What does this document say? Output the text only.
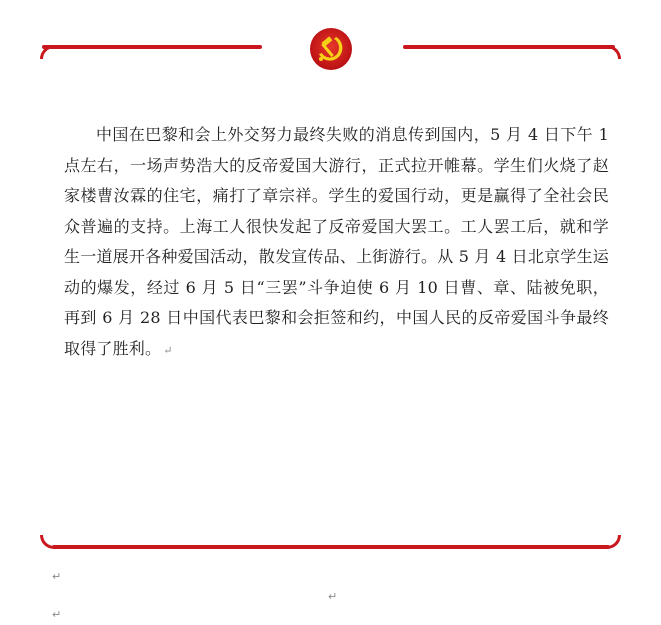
中国在巴黎和会上外交努力最终失败的消息传到国内，5 月 4 日下午 1 点左右，一场声势浩大的反帝爱国大游行，正式拉开帷幕。学生们火烧了赵家楼曹汝霖的住宅，痛打了章宗祥。学生的爱国行动，更是赢得了全社会民众普遍的支持。上海工人很快发起了反帝爱国大罢工。工人罢工后，就和学生一道展开各种爱国活动，散发宣传品、上街游行。从 5 月 4 日北京学生运动的爆发，经过 6 月 5 日“三罢”斗争迫使 6 月 10 日曹、章、陆被免职，再到 6 月 28 日中国代表巴黎和会拒签和约，中国人民的反帝爱国斗争最终取得了胜利。 ↵
↵
↵
↵
